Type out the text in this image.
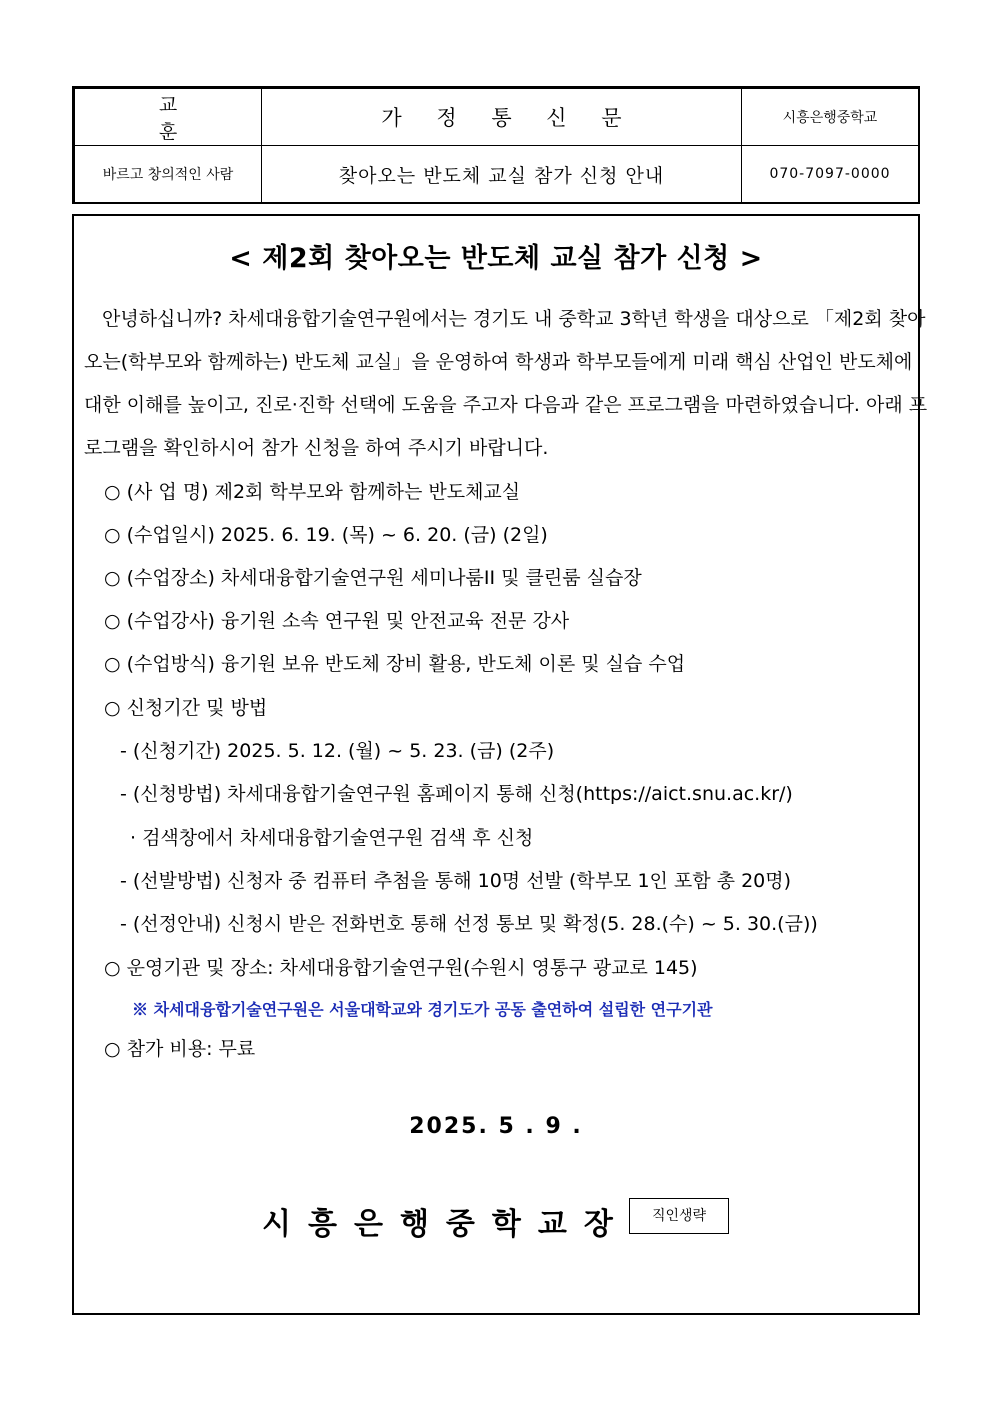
교 훈	가 정 통 신 문	시흥은행중학교
바르고 창의적인 사람	찾아오는 반도체 교실 참가 신청 안내	070-7097-0000
< 제2회 찾아오는 반도체 교실 참가 신청 >
안녕하십니까? 차세대융합기술연구원에서는 경기도 내 중학교 3학년 학생을 대상으로 「제2회 찾아
오는(학부모와 함께하는) 반도체 교실」을 운영하여 학생과 학부모들에게 미래 핵심 산업인 반도체에
대한 이해를 높이고, 진로·진학 선택에 도움을 주고자 다음과 같은 프로그램을 마련하였습니다. 아래 프
로그램을 확인하시어 참가 신청을 하여 주시기 바랍니다.
○ (사 업 명) 제2회 학부모와 함께하는 반도체교실
○ (수업일시) 2025. 6. 19. (목) ~ 6. 20. (금) (2일)
○ (수업장소) 차세대융합기술연구원 세미나룸II 및 클린룸 실습장
○ (수업강사) 융기원 소속 연구원 및 안전교육 전문 강사
○ (수업방식) 융기원 보유 반도체 장비 활용, 반도체 이론 및 실습 수업
○ 신청기간 및 방법
- (신청기간) 2025. 5. 12. (월) ~ 5. 23. (금) (2주)
- (신청방법) 차세대융합기술연구원 홈페이지 통해 신청(https://aict.snu.ac.kr/)
· 검색창에서 차세대융합기술연구원 검색 후 신청
- (선발방법) 신청자 중 컴퓨터 추첨을 통해 10명 선발 (학부모 1인 포함 총 20명)
- (선정안내) 신청시 받은 전화번호 통해 선정 통보 및 확정(5. 28.(수) ~ 5. 30.(금))
○ 운영기관 및 장소: 차세대융합기술연구원(수원시 영통구 광교로 145)
※ 차세대융합기술연구원은 서울대학교와 경기도가 공동 출연하여 설립한 연구기관
○ 참가 비용: 무료
2025. 5 . 9 .
시흥은행중학교장	직인생략
